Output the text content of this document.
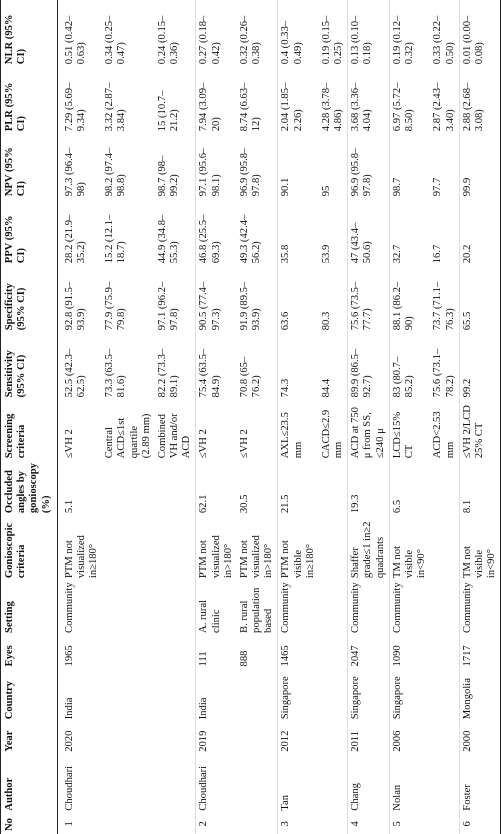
No	Author	Year	Country	Eyes	Setting	Gonioscopic criteria	Occluded angles by gonioscopy (%)	Screening criteria	Sensitivity (95% CI)	Specificity (95% CI)	PPV (95% CI)	NPV (95% CI)	PLR (95% CI)	NLR (95% CI)
1	Choudhari	2020	India	1965	Community	PTM not visualized in≥180°	5.1	≤VH 2	52.5 (42.3–62.5)	92.8 (91.5–93.9)	28.2 (21.9–35.2)	97.3 (96.4–98)	7.29 (5.69–9.34)	0.51 (0.42–0.63)
								Central ACD≤1st quartile (2.89 mm)	73.3 (63.5–81.6)	77.9 (75.9–79.8)	15.2 (12.1–18.7)	98.2 (97.4–98.8)	3.32 (2.87–3.84)	0.34 (0.25–0.47)
								Combined VH and/or ACD	82.2 (73.3–89.1)	97.1 (96.2–97.8)	44.9 (34.8–55.3)	98.7 (98–99.2)	15 (10.7–21.2)	0.24 (0.15–0.36)
2	Choudhari	2019	India	111	A. rural clinic	PTM not visualized in>180°	62.1	≤VH 2	75.4 (63.5–84.9)	90.5 (77.4–97.3)	46.8 (25.5–69.3)	97.1 (95.6–98.1)	7.94 (3.09–20)	0.27 (0.18–0.42)
				888	B. rural population based	PTM not visualized in>180°	30.5	≤VH 2	70.8 (65–76.2)	91.9 (89.5–93.9)	49.3 (42.4–56.2)	96.9 (95.8–97.8)	8.74 (6.63–12)	0.32 (0.26–0.38)
3	Tan	2012	Singapore	1465	Community	PTM not visible in≥180°	21.5	AXL≤23.5 mm	74.3	63.6	35.8	90.1	2.04 (1.85–2.26)	0.4 (0.33–0.49)
								CACD≤2.9 mm	84.4	80.3	53.9	95	4.28 (3.78–4.86)	0.19 (0.15–0.25)
4	Chang	2011	Singapore	2047	Community	Shaffer grade≤1 in≥2 quadrants	19.3	ACD at 750 μ from SS, ≤240 μ	89.9 (86.5–92.7)	75.6 (73.5–77.7)	47 (43.4–50.6)	96.9 (95.8–97.8)	3.68 (3.36–4.04)	0.13 (0.10–0.18)
5	Nolan	2006	Singapore	1090	Community	TM not visible in<90°	6.5	LCD≤15% CT	83 (80.7–85.2)	88.1 (86.2–90)	32.7	98.7	6.97 (5.72–8.50)	0.19 (0.12–0.32)
								ACD<2.53 mm	75.6 (73.1–78.2)	73.7 (71.1–76.3)	16.7	97.7	2.87 (2.43–3.40)	0.33 (0.22–0.50)
6	Foster	2000	Mongolia	1717	Community	TM not visible in<90°	8.1	≤VH 2/LCD 25% CT	99.2	65.5	20.2	99.9	2.88 (2.68–3.08)	0.01 (0.00–0.08)
